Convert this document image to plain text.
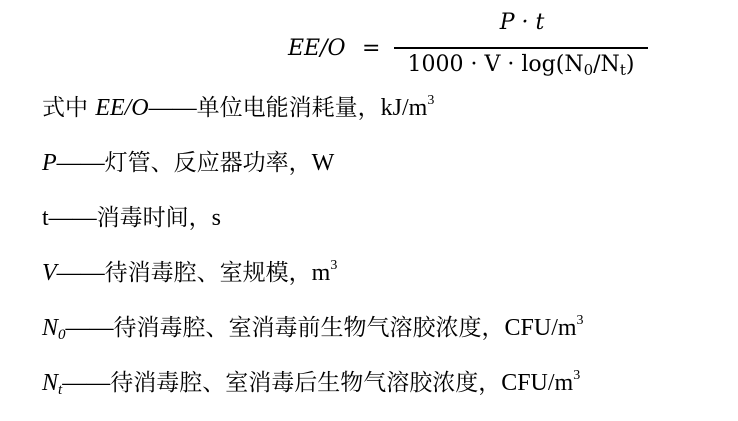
EE/O =
P · t
$1000 \cdot V \cdot \log(N_0/N_t)$
式中 EE/O——单位电能消耗量，$kJ/m^3$
P——灯管、反应器功率，W
t——消毒时间，s
V——待消毒腔、室规模，$m^3$
$N_0——$待消毒腔、室消毒前生物气溶胶浓度，CFU/$m^3$
$N_t——$待消毒腔、室消毒后生物气溶胶浓度，CFU/$m^3$
